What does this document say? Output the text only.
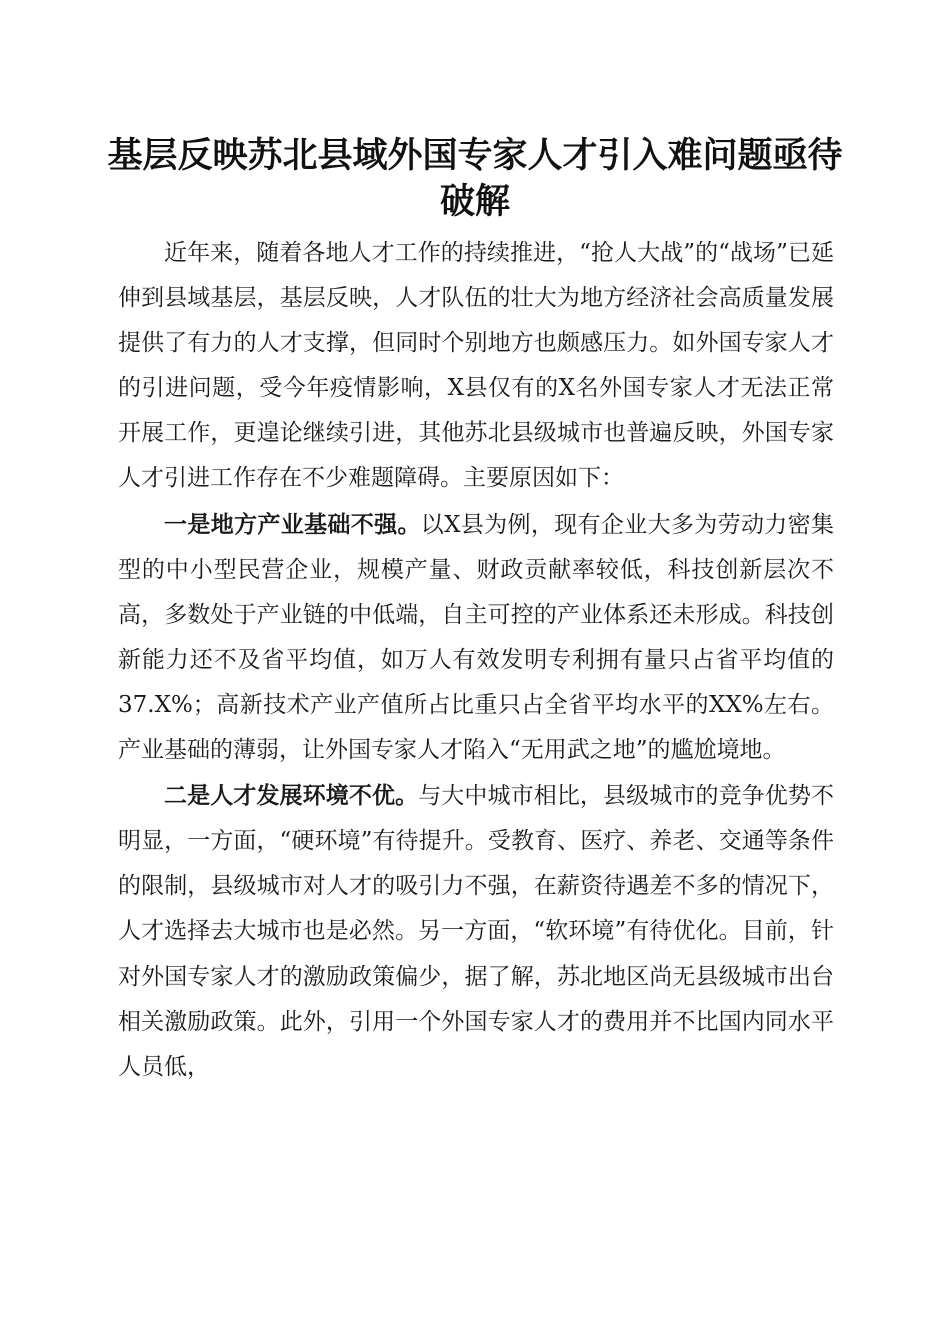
基层反映苏北县域外国专家人才引入难问题亟待破解

近年来，随着各地人才工作的持续推进，“抢人大战”的“战场”已延伸到县域基层，基层反映，人才队伍的壮大为地方经济社会高质量发展提供了有力的人才支撑，但同时个别地方也颇感压力。如外国专家人才的引进问题，受今年疫情影响，X县仅有的X名外国专家人才无法正常开展工作，更遑论继续引进，其他苏北县级城市也普遍反映，外国专家人才引进工作存在不少难题障碍。主要原因如下：

一是地方产业基础不强。以X县为例，现有企业大多为劳动力密集型的中小型民营企业，规模产量、财政贡献率较低，科技创新层次不高，多数处于产业链的中低端，自主可控的产业体系还未形成。科技创新能力还不及省平均值，如万人有效发明专利拥有量只占省平均值的37.X%；高新技术产业产值所占比重只占全省平均水平的XX%左右。产业基础的薄弱，让外国专家人才陷入“无用武之地”的尴尬境地。

二是人才发展环境不优。与大中城市相比，县级城市的竞争优势不明显，一方面，“硬环境”有待提升。受教育、医疗、养老、交通等条件的限制，县级城市对人才的吸引力不强，在薪资待遇差不多的情况下，人才选择去大城市也是必然。另一方面，“软环境”有待优化。目前，针对外国专家人才的激励政策偏少，据了解，苏北地区尚无县级城市出台相关激励政策。此外，引用一个外国专家人才的费用并不比国内同水平人员低，
